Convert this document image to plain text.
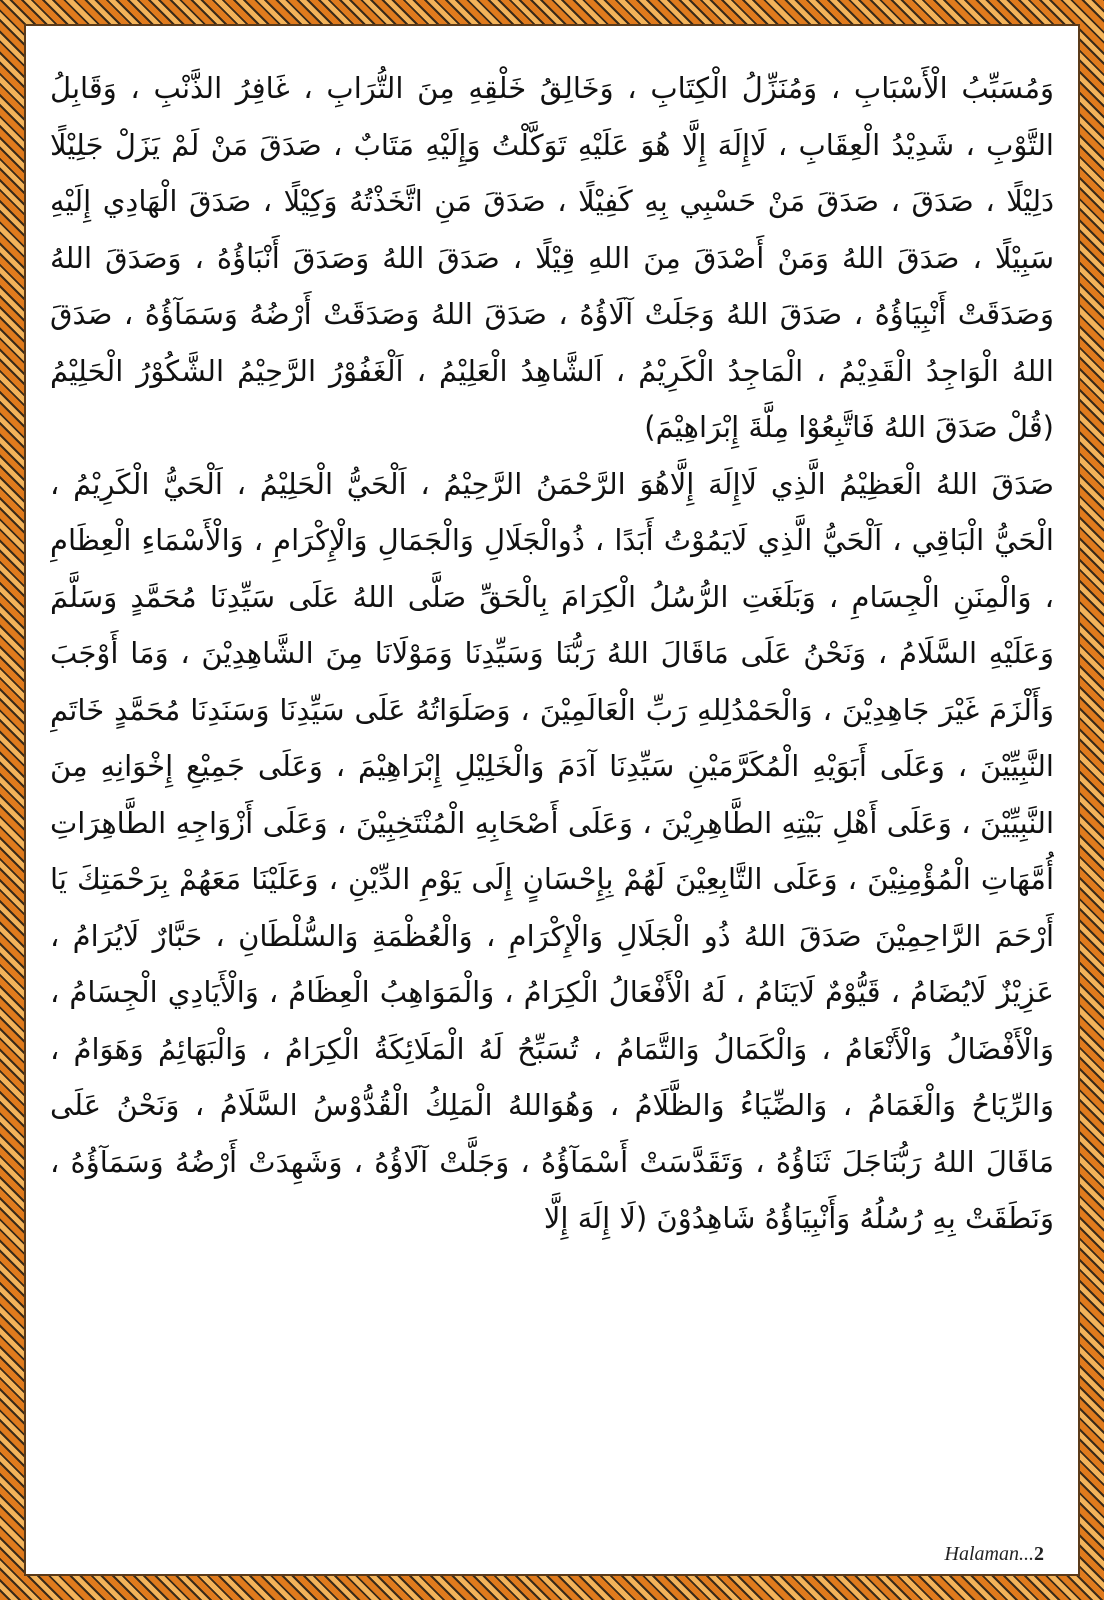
وَمُسَبِّبُ الْأَسْبَابِ ، وَمُنَزِّلُ الْكِتَابِ ، وَخَالِقُ خَلْقِهِ مِنَ التُّرَابِ ، غَافِرُ الذَّنْبِ ، وَقَابِلُ التَّوْبِ ، شَدِيْدُ الْعِقَابِ ، لَاإِلَهَ إِلَّا هُوَ عَلَيْهِ تَوَكَّلْتُ وَإِلَيْهِ مَتَابٌ ، صَدَقَ مَنْ لَمْ يَزَلْ جَلِيْلًا دَلِيْلًا ، صَدَقَ ، صَدَقَ مَنْ حَسْبِي بِهِ كَفِيْلًا ، صَدَقَ مَنِ اتَّخَذْتُهُ وَكِيْلًا ، صَدَقَ الْهَادِي إِلَيْهِ سَبِيْلًا ، صَدَقَ اللهُ وَمَنْ أَصْدَقَ مِنَ اللهِ قِيْلًا ، صَدَقَ اللهُ وَصَدَقَ أَنْبَاؤُهُ ، وَصَدَقَ اللهُ وَصَدَقَتْ أَنْبِيَاؤُهُ ، صَدَقَ اللهُ وَجَلَتْ آلَاؤُهُ ، صَدَقَ اللهُ وَصَدَقَتْ أَرْضُهُ وَسَمَآؤُهُ ، صَدَقَ اللهُ الْوَاجِدُ الْقَدِيْمُ ، الْمَاجِدُ الْكَرِيْمُ ، اَلشَّاهِدُ الْعَلِيْمُ ، اَلْغَفُوْرُ الرَّحِيْمُ الشَّكُوْرُ الْحَلِيْمُ (قُلْ صَدَقَ اللهُ فَاتَّبِعُوْا مِلَّةَ إِبْرَاهِيْمَ)

صَدَقَ اللهُ الْعَظِيْمُ الَّذِي لَاإِلَهَ إِلَّاهُوَ الرَّحْمَنُ الرَّحِيْمُ ، اَلْحَيُّ الْحَلِيْمُ ، اَلْحَيُّ الْكَرِيْمُ ، الْحَيُّ الْبَاقِي ، اَلْحَيُّ الَّذِي لَايَمُوْتُ أَبَدًا ، ذُوالْجَلَالِ وَالْجَمَالِ وَالْإِكْرَامِ ، وَالْأَسْمَاءِ الْعِظَامِ ، وَالْمِنَنِ الْجِسَامِ ، وَبَلَغَتِ الرُّسُلُ الْكِرَامَ بِالْحَقِّ صَلَّى اللهُ عَلَى سَيِّدِنَا مُحَمَّدٍ وَسَلَّمَ وَعَلَيْهِ السَّلَامُ ، وَنَحْنُ عَلَى مَاقَالَ اللهُ رَبُّنَا وَسَيِّدِنَا وَمَوْلَانَا مِنَ الشَّاهِدِيْنَ ، وَمَا أَوْجَبَ وَأَلْزَمَ غَيْرَ جَاهِدِيْنَ ، وَالْحَمْدُلِلهِ رَبِّ الْعَالَمِيْنَ ، وَصَلَوَاتُهُ عَلَى سَيِّدِنَا وَسَنَدِنَا مُحَمَّدٍ خَاتَمِ النَّبِيِّيْنَ ، وَعَلَى أَبَوَيْهِ الْمُكَرَّمَيْنِ سَيِّدِنَا آدَمَ وَالْخَلِيْلِ إِبْرَاهِيْمَ ، وَعَلَى جَمِيْعِ إِخْوَانِهِ مِنَ النَّبِيِّيْنَ ، وَعَلَى أَهْلِ بَيْتِهِ الطَّاهِرِيْنَ ، وَعَلَى أَصْحَابِهِ الْمُنْتَخِبِيْنَ ، وَعَلَى أَزْوَاجِهِ الطَّاهِرَاتِ أُمَّهَاتِ الْمُؤْمِنِيْنَ ، وَعَلَى التَّابِعِيْنَ لَهُمْ بِإِحْسَانٍ إِلَى يَوْمِ الدِّيْنِ ، وَعَلَيْنَا مَعَهُمْ بِرَحْمَتِكَ يَا أَرْحَمَ الرَّاحِمِيْنَ صَدَقَ اللهُ ذُو الْجَلَالِ وَالْإِكْرَامِ ، وَالْعُظْمَةِ وَالسُّلْطَانِ ، حَبَّارٌ لَايُرَامُ ، عَزِيْزٌ لَايُضَامُ ، قَيُّوْمٌ لَايَنَامُ ، لَهُ الْأَفْعَالُ الْكِرَامُ ، وَالْمَوَاهِبُ الْعِظَامُ ، وَالْأَيَادِي الْجِسَامُ ، وَالْأَفْضَالُ وَالْأَنْعَامُ ، وَالْكَمَالُ وَالتَّمَامُ ، تُسَبِّحُ لَهُ الْمَلَائِكَةُ الْكِرَامُ ، وَالْبَهَائِمُ وَهَوَامُ ، وَالرِّيَاحُ وَالْغَمَامُ ، وَالضِّيَاءُ وَالظَّلَامُ ، وَهُوَاللهُ الْمَلِكُ الْقُدُّوْسُ السَّلَامُ ، وَنَحْنُ عَلَى مَاقَالَ اللهُ رَبُّنَاجَلَ ثَنَاؤُهُ ، وَتَقَدَّسَتْ أَسْمَآؤُهُ ، وَجَلَّتْ آلَاؤُهُ ، وَشَهِدَتْ أَرْضُهُ وَسَمَآؤُهُ ، وَنَطَقَتْ بِهِ رُسُلُهُ وَأَنْبِيَاؤُهُ شَاهِدُوْنَ (لَا إِلَهَ إِلَّا

Halaman...2
